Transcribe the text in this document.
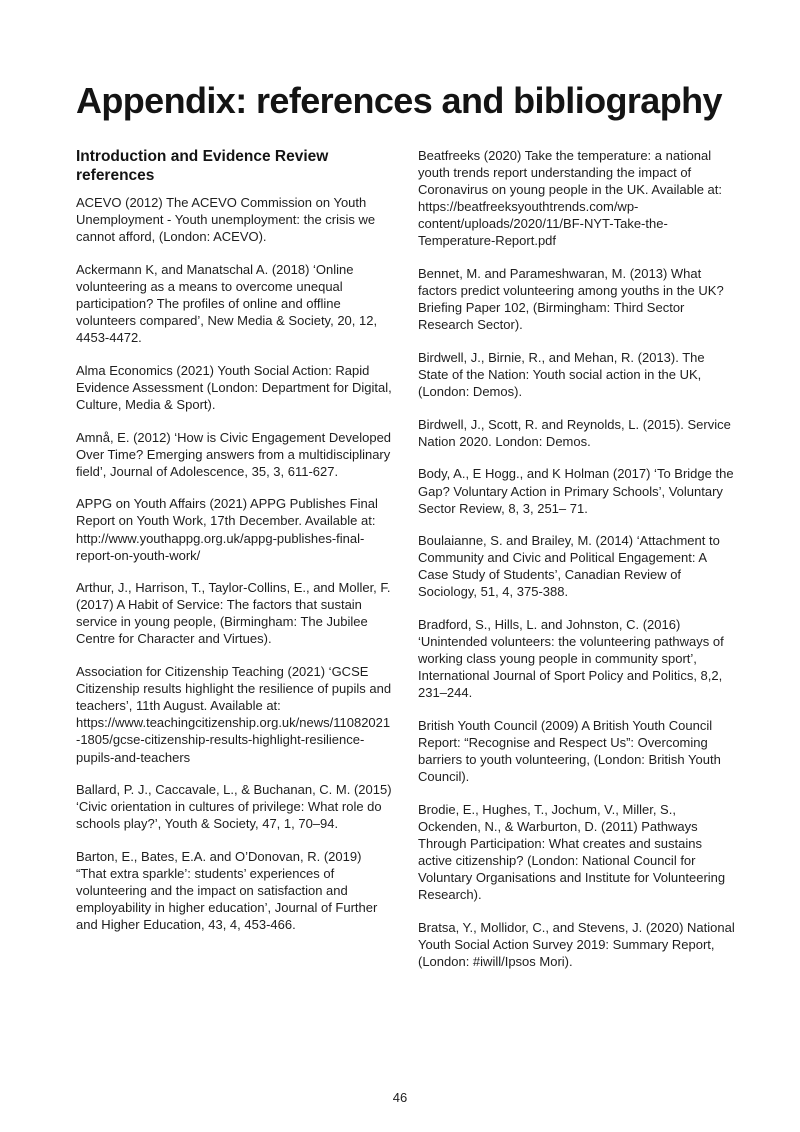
Appendix: references and bibliography
Introduction and Evidence Review references
ACEVO (2012) The ACEVO Commission on Youth Unemployment - Youth unemployment: the crisis we cannot afford, (London: ACEVO).
Ackermann K, and Manatschal A. (2018) ‘Online volunteering as a means to overcome unequal participation? The profiles of online and offline volunteers compared’, New Media & Society, 20, 12, 4453-4472.
Alma Economics (2021) Youth Social Action: Rapid Evidence Assessment (London: Department for Digital, Culture, Media & Sport).
Amnå, E. (2012) ‘How is Civic Engagement Developed Over Time? Emerging answers from a multidisciplinary field’, Journal of Adolescence, 35, 3, 611-627.
APPG on Youth Affairs (2021) APPG Publishes Final Report on Youth Work, 17th December. Available at: http://www.youthappg.org.uk/appg-publishes-final-report-on-youth-work/
Arthur, J., Harrison, T., Taylor-Collins, E., and Moller, F. (2017) A Habit of Service: The factors that sustain service in young people, (Birmingham: The Jubilee Centre for Character and Virtues).
Association for Citizenship Teaching (2021) ‘GCSE Citizenship results highlight the resilience of pupils and teachers’, 11th August. Available at: https://www.teachingcitizenship.org.uk/news/11082021-1805/gcse-citizenship-results-highlight-resilience-pupils-and-teachers
Ballard, P. J., Caccavale, L., & Buchanan, C. M. (2015) ‘Civic orientation in cultures of privilege: What role do schools play?’, Youth & Society, 47, 1, 70–94.
Barton, E., Bates, E.A. and O’Donovan, R. (2019) “That extra sparkle’: students’ experiences of volunteering and the impact on satisfaction and employability in higher education’, Journal of Further and Higher Education, 43, 4, 453-466.
Beatfreeks (2020) Take the temperature: a national youth trends report understanding the impact of Coronavirus on young people in the UK. Available at: https://beatfreeksyouthtrends.com/wp-content/uploads/2020/11/BF-NYT-Take-the-Temperature-Report.pdf
Bennet, M. and Parameshwaran, M. (2013) What factors predict volunteering among youths in the UK? Briefing Paper 102, (Birmingham: Third Sector Research Sector).
Birdwell, J., Birnie, R., and Mehan, R. (2013). The State of the Nation: Youth social action in the UK, (London: Demos).
Birdwell, J., Scott, R. and Reynolds, L. (2015). Service Nation 2020. London: Demos.
Body, A., E Hogg., and K Holman (2017) ‘To Bridge the Gap? Voluntary Action in Primary Schools’, Voluntary Sector Review, 8, 3, 251– 71.
Boulaianne, S. and Brailey, M. (2014) ‘Attachment to Community and Civic and Political Engagement: A Case Study of Students’, Canadian Review of Sociology, 51, 4, 375-388.
Bradford, S., Hills, L. and Johnston, C. (2016) ‘Unintended volunteers: the volunteering pathways of working class young people in community sport’, International Journal of Sport Policy and Politics, 8,2, 231–244.
British Youth Council (2009) A British Youth Council Report: “Recognise and Respect Us”: Overcoming barriers to youth volunteering, (London: British Youth Council).
Brodie, E., Hughes, T., Jochum, V., Miller, S., Ockenden, N., & Warburton, D. (2011) Pathways Through Participation: What creates and sustains active citizenship? (London: National Council for Voluntary Organisations and Institute for Volunteering Research).
Bratsa, Y., Mollidor, C., and Stevens, J. (2020) National Youth Social Action Survey 2019: Summary Report, (London: #iwill/Ipsos Mori).
46
